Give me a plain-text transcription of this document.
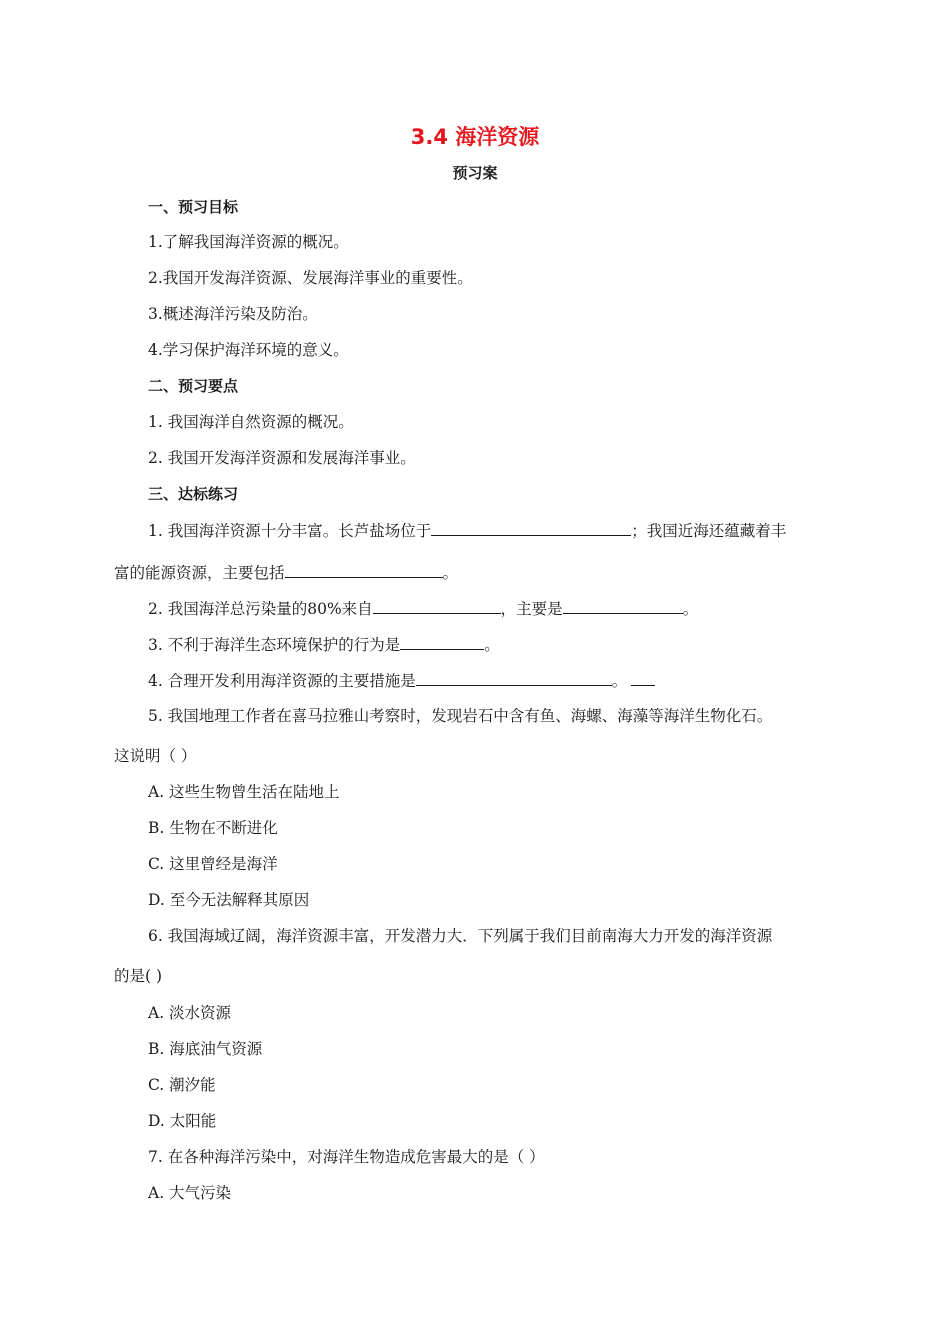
3.4 海洋资源
预习案
一、预习目标
1.了解我国海洋资源的概况。
2.我国开发海洋资源、发展海洋事业的重要性。
3.概述海洋污染及防治。
4.学习保护海洋环境的意义。
二、预习要点
1. 我国海洋自然资源的概况。
2. 我国开发海洋资源和发展海洋事业。
三、达标练习
1. 我国海洋资源十分丰富。长芦盐场位于	；我国近海还蕴藏着丰
富的能源资源，主要包括	。
2. 我国海洋总污染量的80%来自	，主要是	。
3. 不利于海洋生态环境保护的行为是	。
4. 合理开发利用海洋资源的主要措施是	。
5. 我国地理工作者在喜马拉雅山考察时，发现岩石中含有鱼、海螺、海藻等海洋生物化石。
这说明（ ）
A. 这些生物曾生活在陆地上
B. 生物在不断进化
C. 这里曾经是海洋
D. 至今无法解释其原因
6. 我国海域辽阔，海洋资源丰富，开发潜力大．下列属于我们目前南海大力开发的海洋资源
的是( )
A. 淡水资源
B. 海底油气资源
C. 潮汐能
D. 太阳能
7. 在各种海洋污染中，对海洋生物造成危害最大的是（ ）
A. 大气污染
